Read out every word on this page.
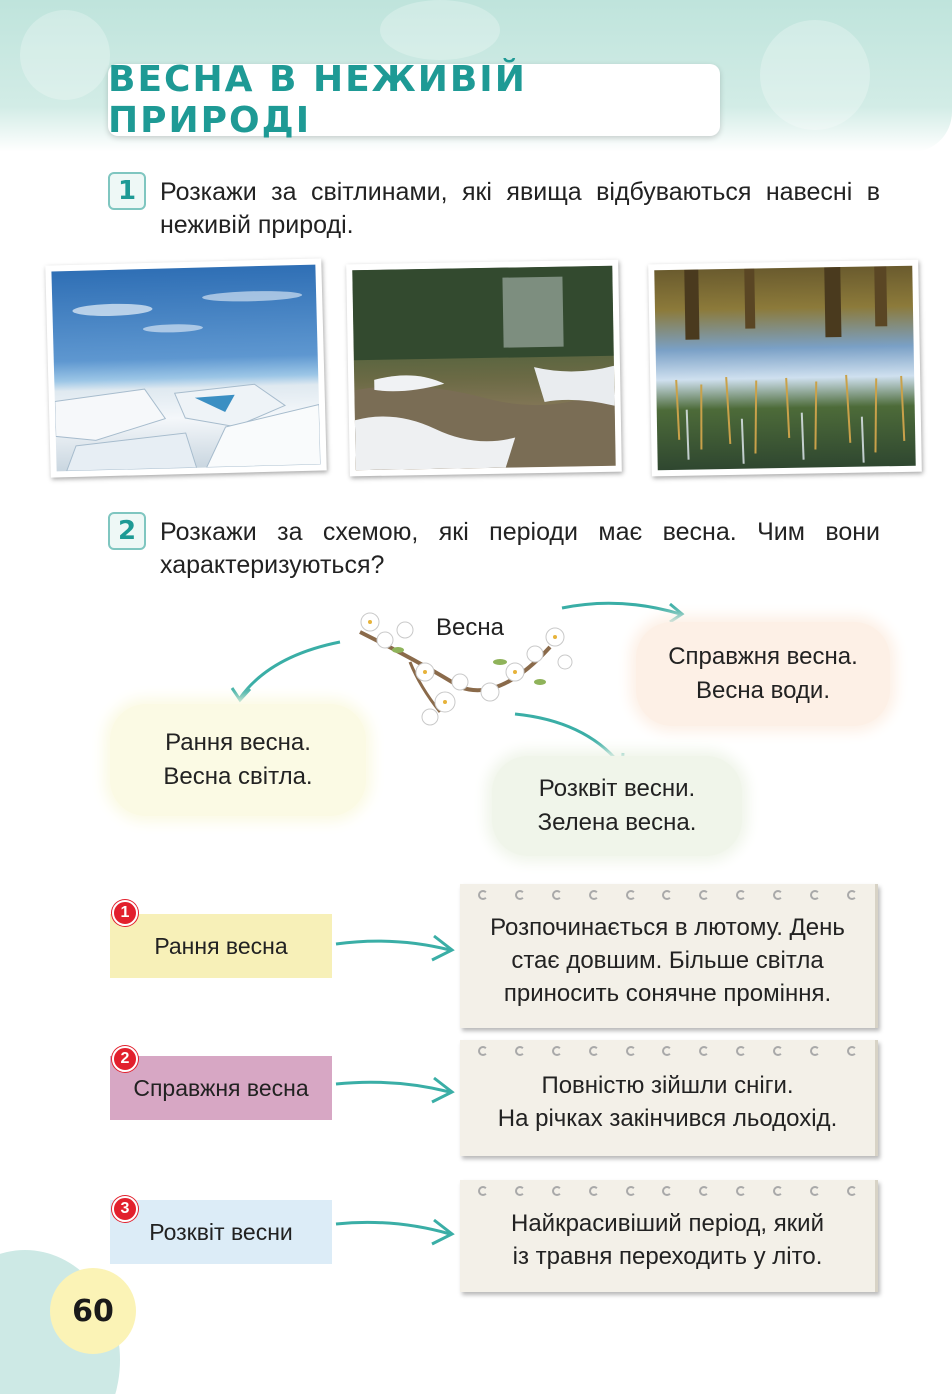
ВЕСНА В НЕЖИВІЙ ПРИРОДІ
1 Розкажи за світлинами, які явища відбуваються навесні в неживій природі.
2 Розкажи за схемою, які періоди має весна. Чим вони характеризуються?
Весна
Рання весна.
Весна світла.
Справжня весна.
Весна води.
Розквіт весни.
Зелена весна.
Рання весна
1
Розпочинається в лютому. День
стає довшим. Більше світла
приносить сонячне проміння.
Справжня весна
2
Повністю зійшли сніги.
На річках закінчився льодохід.
Розквіт весни
3
Найкрасивіший період, який
із травня переходить у літо.
60
